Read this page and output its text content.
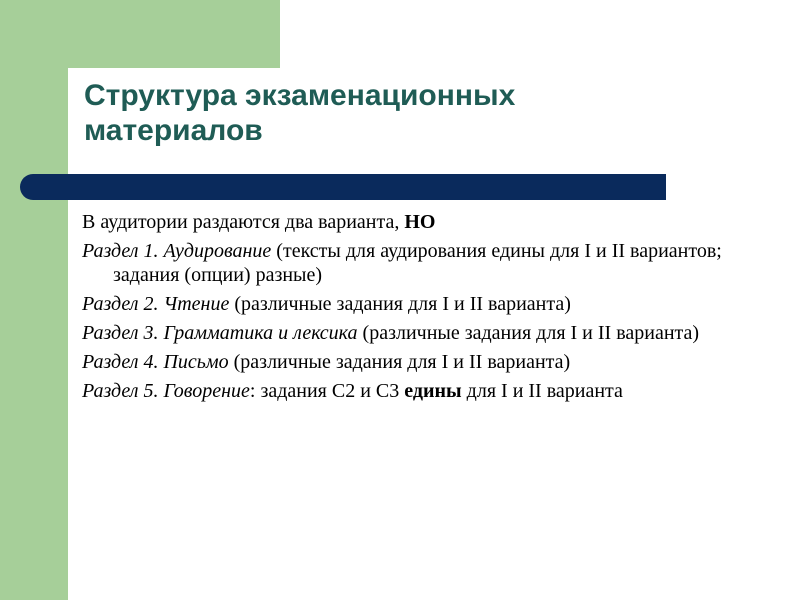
Структура экзаменационных
материалов

В аудитории раздаются два варианта, НО

Раздел 1. Аудирование (тексты для аудирования едины для I и II вариантов; задания (опции) разные)

Раздел 2. Чтение (различные задания для I и II варианта)

Раздел 3. Грамматика и лексика (различные задания для I и II варианта)

Раздел 4. Письмо (различные задания для I и II варианта)

Раздел 5. Говорение: задания С2 и С3 едины для I и II варианта
